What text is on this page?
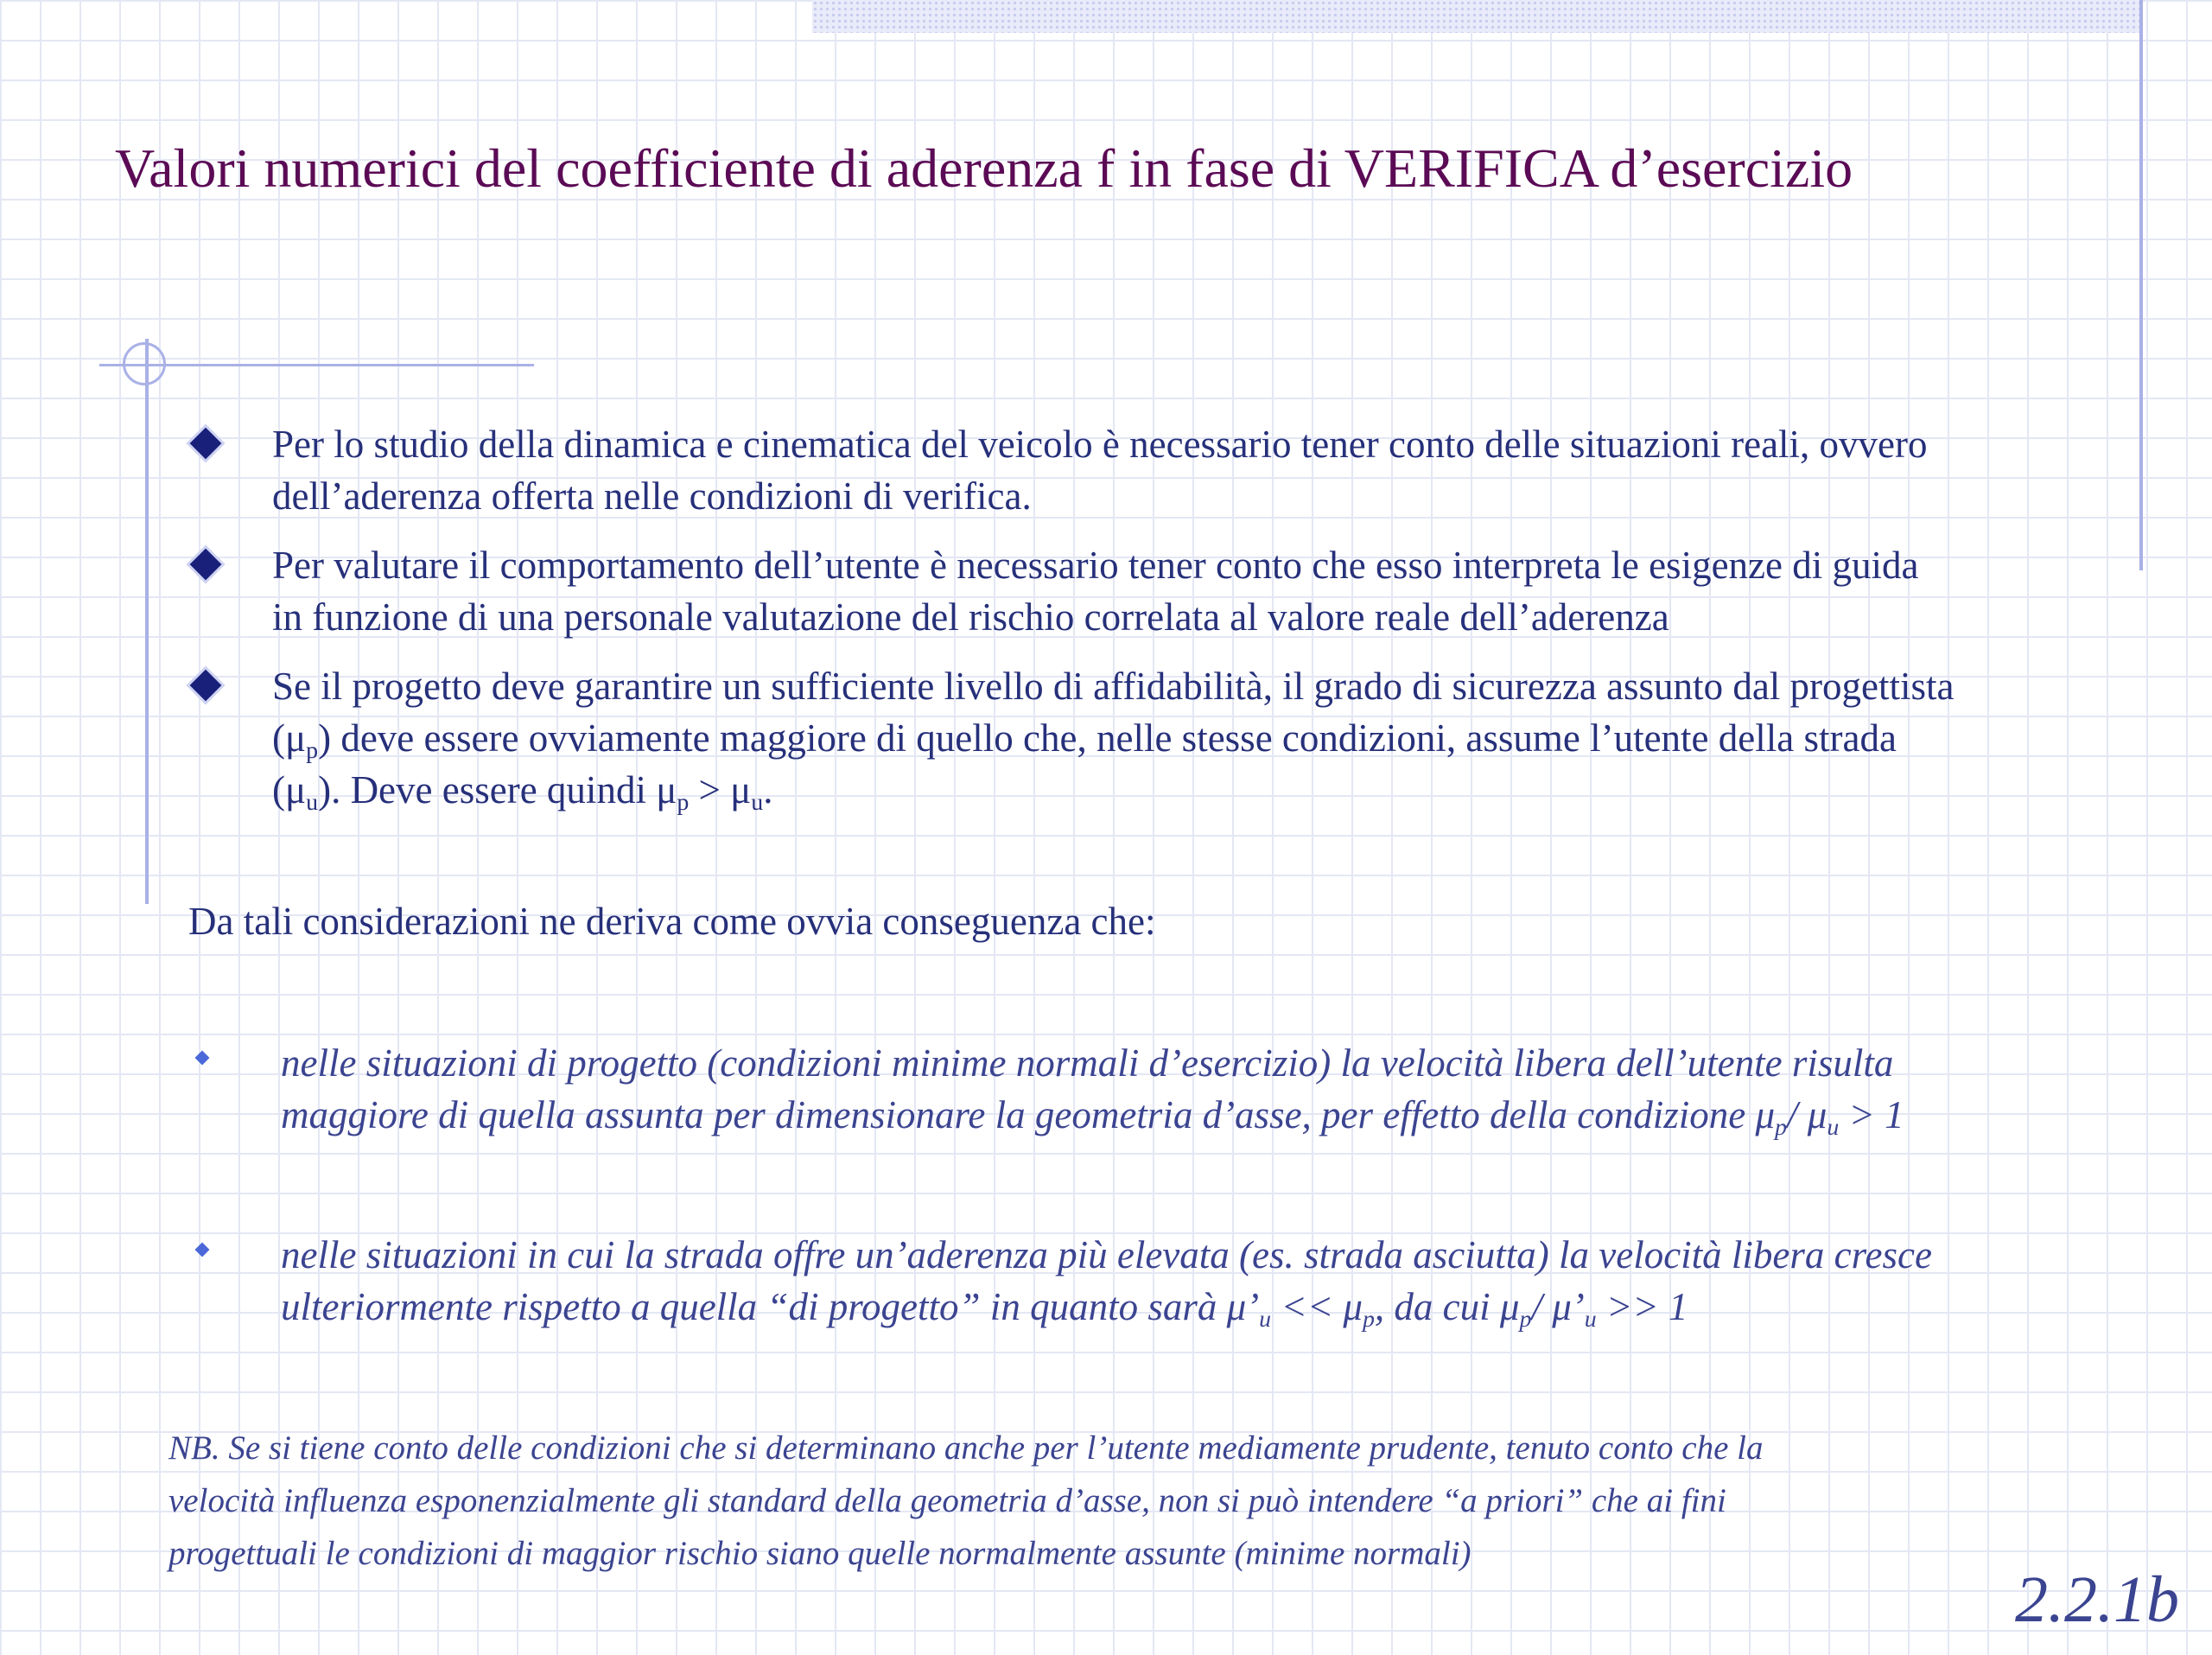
Valori numerici del coefficiente di aderenza f in fase di VERIFICA d’esercizio
Per lo studio della dinamica e cinematica del veicolo è necessario tener conto delle situazioni reali, ovvero
dell’aderenza offerta nelle condizioni di verifica.
Per valutare il comportamento dell’utente è necessario tener conto che esso interpreta le esigenze di guida
in funzione di una personale valutazione del rischio correlata al valore reale dell’aderenza
Se il progetto deve garantire un sufficiente livello di affidabilità, il grado di sicurezza assunto dal progettista
$(\mu_p)$ deve essere ovviamente maggiore di quello che, nelle stesse condizioni, assume l’utente della strada
$(\mu_u)$. Deve essere quindi $\mu_p > \mu_u$.
Da tali considerazioni ne deriva come ovvia conseguenza che:
nelle situazioni di progetto (condizioni minime normali d’esercizio) la velocità libera dell’utente risulta
maggiore di quella assunta per dimensionare la geometria d’asse, per effetto della condizione $\mu_p/$ $\mu_u > 1$
nelle situazioni in cui la strada offre un’aderenza più elevata (es. strada asciutta) la velocità libera cresce
ulteriormente rispetto a quella “di progetto” in quanto sarà $\mu’_u << \mu_p$, da cui $\mu_p/$ $\mu’_u >> 1$
NB. Se si tiene conto delle condizioni che si determinano anche per l’utente mediamente prudente, tenuto conto che la
velocità influenza esponenzialmente gli standard della geometria d’asse, non si può intendere “a priori” che ai fini
progettuali le condizioni di maggior rischio siano quelle normalmente assunte (minime normali)
2.2.1b
